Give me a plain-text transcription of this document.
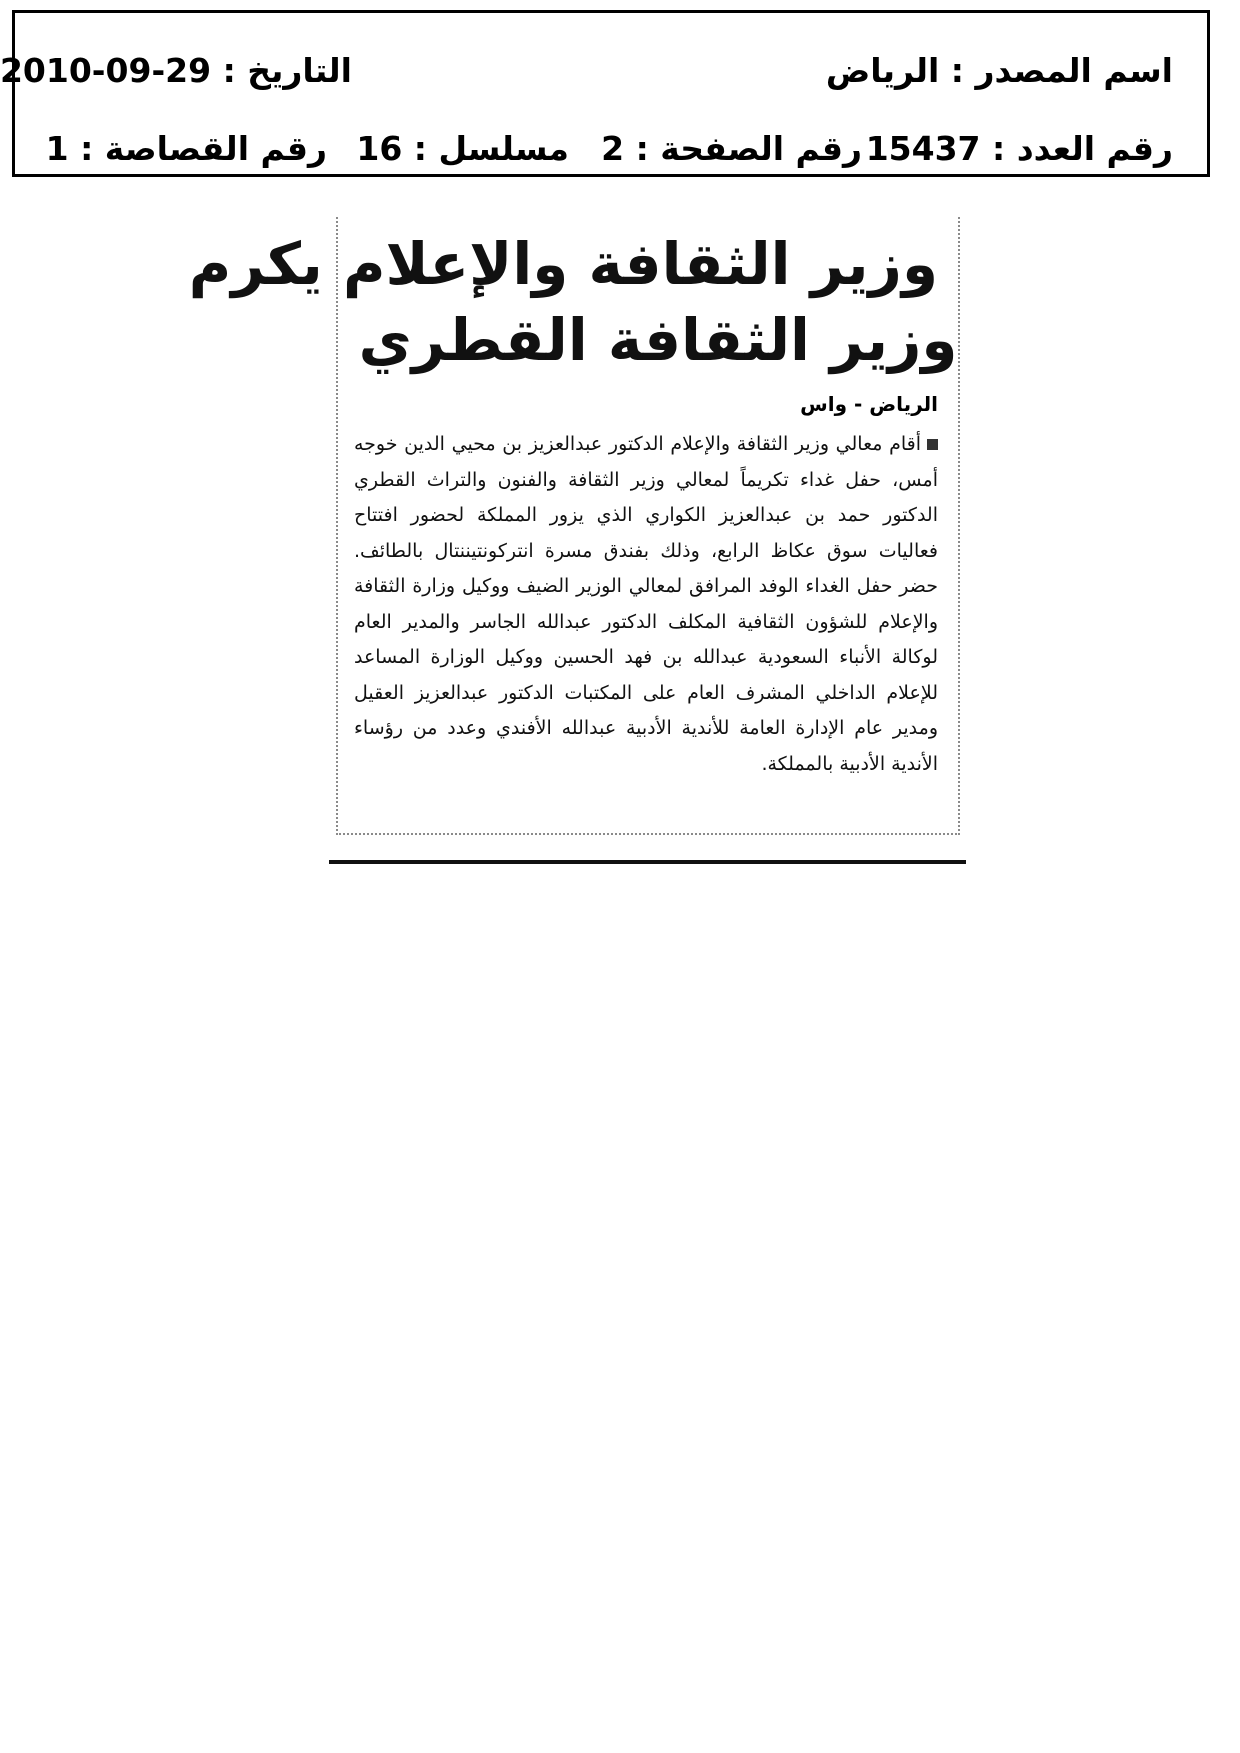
اسم المصدر : الرياض
التاريخ : 29-09-2010
رقم العدد : 15437
رقم الصفحة : 2
مسلسل : 16
رقم القصاصة : 1
وزير الثقافة والإعلام يكرم
وزير الثقافة القطري
الرياض - واس
أقام معالي وزير الثقافة والإعلام الدكتور عبدالعزيز بن محيي الدين خوجه أمس، حفل غداء تكريماً لمعالي وزير الثقافة والفنون والتراث القطري الدكتور حمد بن عبدالعزيز الكواري الذي يزور المملكة لحضور افتتاح فعاليات سوق عكاظ الرابع، وذلك بفندق مسرة انتركونتيننتال بالطائف. حضر حفل الغداء الوفد المرافق لمعالي الوزير الضيف ووكيل وزارة الثقافة والإعلام للشؤون الثقافية المكلف الدكتور عبدالله الجاسر والمدير العام لوكالة الأنباء السعودية عبدالله بن فهد الحسين ووكيل الوزارة المساعد للإعلام الداخلي المشرف العام على المكتبات الدكتور عبدالعزيز العقيل ومدير عام الإدارة العامة للأندية الأدبية عبدالله الأفندي وعدد من رؤساء الأندية الأدبية بالمملكة.
